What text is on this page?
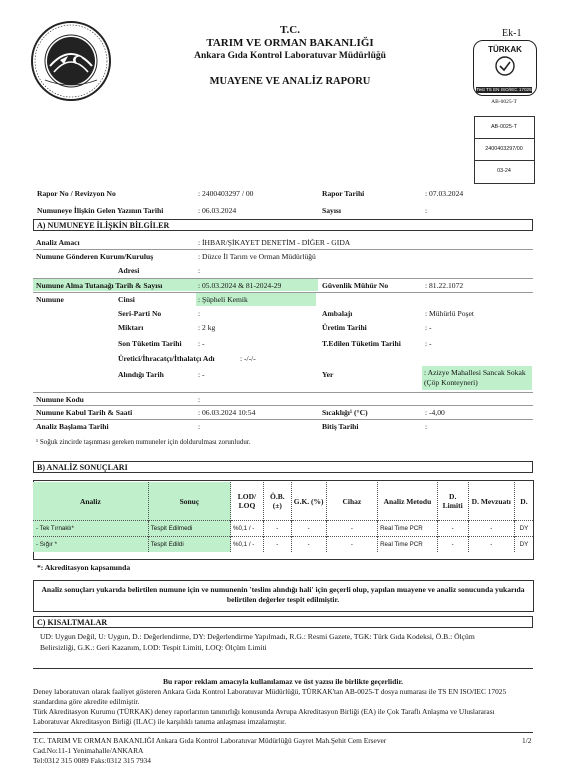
T.C.
TARIM VE ORMAN BAKANLIĞI
Ankara Gıda Kontrol Laboratuvar Müdürlüğü
MUAYENE VE ANALİZ RAPORU
Ek-1
TÜRKAK
Test TS EN ISO/IEC 17025
AB-0025-T
AB-0025-T
2400403297/00
03-24
Rapor No / Revizyon No	: 2400403297 / 00	Rapor Tarihi	: 07.03.2024
Numuneye İlişkin Gelen Yazının Tarihi	: 06.03.2024	Sayısı	:
A) NUMUNEYE İLİŞKİN BİLGİLER
Analiz Amacı	: İHBAR/ŞİKAYET DENETİM - DİĞER - GIDA
Numune Gönderen Kurum/Kuruluş	: Düzce İl Tarım ve Orman Müdürlüğü
Adresi	:
Numune Alma Tutanağı Tarih & Sayısı	: 05.03.2024 & 81-2024-29	Güvenlik Mühür No	: 81.22.1072
Numune	Cinsi	: Şüpheli Kemik
Ambalajı	: Mühürlü Poşet
Seri-Parti No	:
Miktarı	: 2 kg	Üretim Tarihi	: -
Son Tüketim Tarihi : -	T.Edilen Tüketim Tarihi	: -
Üretici/İhracatçı/İthalatçı Adı	: -/-/-
Alındığı Tarih	: -	Yer	: Azizye Mahallesi Sancak Sokak (Çöp Konteyneri)
Numune Kodu	:
Numune Kabul Tarih & Saati	: 06.03.2024 10:54	Sıcaklığı¹ (°C)	: -4,00
Analiz Başlama Tarihi	:	Bitiş Tarihi	:
¹ Soğuk zincirde taşınması gereken numuneler için doldurulması zorunludur.
B) ANALİZ SONUÇLARI
Analiz	Sonuç	LOD/ LOQ	Ö.B. (±)	G.K. (%)	Cihaz	Analiz Metodu	D. Limiti	D. Mevzuatı	D.
- Tek Tırnaklı*	Tespit Edilmedi	%0,1 / -	-	-	-	Real Time PCR	-	-	DY
- Sığır *	Tespit Edildi	%0,1 / -	-	-	-	Real Time PCR	-	-	DY
*: Akreditasyon kapsamında
Analiz sonuçları yukarıda belirtilen numune için ve numunenin 'teslim alındığı hali' için geçerli olup, yapılan muayene ve analiz sonucunda yukarıda belirtilen değerler tespit edilmiştir.
C) KISALTMALAR
UD: Uygun Değil, U: Uygun, D.: Değerlendirme, DY: Değerlendirme Yapılmadı, R.G.: Resmi Gazete, TGK: Türk Gıda Kodeksi, Ö.B.: Ölçüm Belirsizliği, G.K.: Geri Kazanım, LOD: Tespit Limiti, LOQ: Ölçüm Limiti
Bu rapor reklam amacıyla kullanılamaz ve üst yazısı ile birlikte geçerlidir.
Deney laboratuvarı olarak faaliyet gösteren Ankara Gıda Kontrol Laboratuvar Müdürlüğü, TÜRKAK'tan AB-0025-T dosya numarası ile TS EN ISO/IEC 17025 standardına göre akredite edilmiştir.
Türk Akreditasyon Kurumu (TÜRKAK) deney raporlarının tanınırlığı konusunda Avrupa Akreditasyon Birliği (EA) ile Çok Taraflı Anlaşma ve Uluslararası Laboratuvar Akreditasyon Birliği (ILAC) ile karşılıklı tanıma anlaşması imzalamıştır.
T.C. TARIM VE ORMAN BAKANLIĞI Ankara Gıda Kontrol Laboratuvar Müdürlüğü Gayret Mah.Şehit Cem Ersever	1/2
Cad.No:11-1 Yenimahalle/ANKARA
Tel:0312 315 0089 Faks:0312 315 7934
